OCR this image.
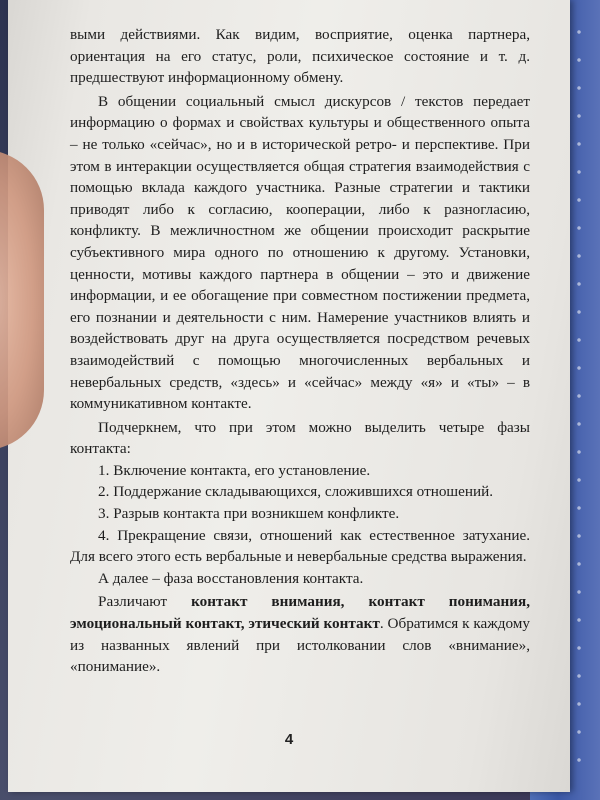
выми действиями. Как видим, восприятие, оценка партнера, ориентация на его статус, роли, психическое состояние и т. д. предшествуют информационному обмену.

В общении социальный смысл дискурсов / текстов передает информацию о формах и свойствах культуры и общественного опыта – не только «сейчас», но и в исторической ретро- и перспективе. При этом в интеракции осуществляется общая стратегия взаимодействия с помощью вклада каждого участника. Разные стратегии и тактики приводят либо к согласию, кооперации, либо к разногласию, конфликту. В межличностном же общении происходит раскрытие субъективного мира одного по отношению к другому. Установки, ценности, мотивы каждого партнера в общении – это и движение информации, и ее обогащение при совместном постижении предмета, его познании и деятельности с ним. Намерение участников влиять и воздействовать друг на друга осуществляется посредством речевых взаимодействий с помощью многочисленных вербальных и невербальных средств, «здесь» и «сейчас» между «я» и «ты» – в коммуникативном контакте.

Подчеркнем, что при этом можно выделить четыре фазы контакта:

1. Включение контакта, его установление.

2. Поддержание складывающихся, сложившихся отношений.

3. Разрыв контакта при возникшем конфликте.

4. Прекращение связи, отношений как естественное затухание. Для всего этого есть вербальные и невербальные средства выражения.

А далее – фаза восстановления контакта.

Различают контакт внимания, контакт понимания, эмоциональный контакт, этический контакт. Обратимся к каждому из названных явлений при истолковании слов «внимание», «понимание».

4
